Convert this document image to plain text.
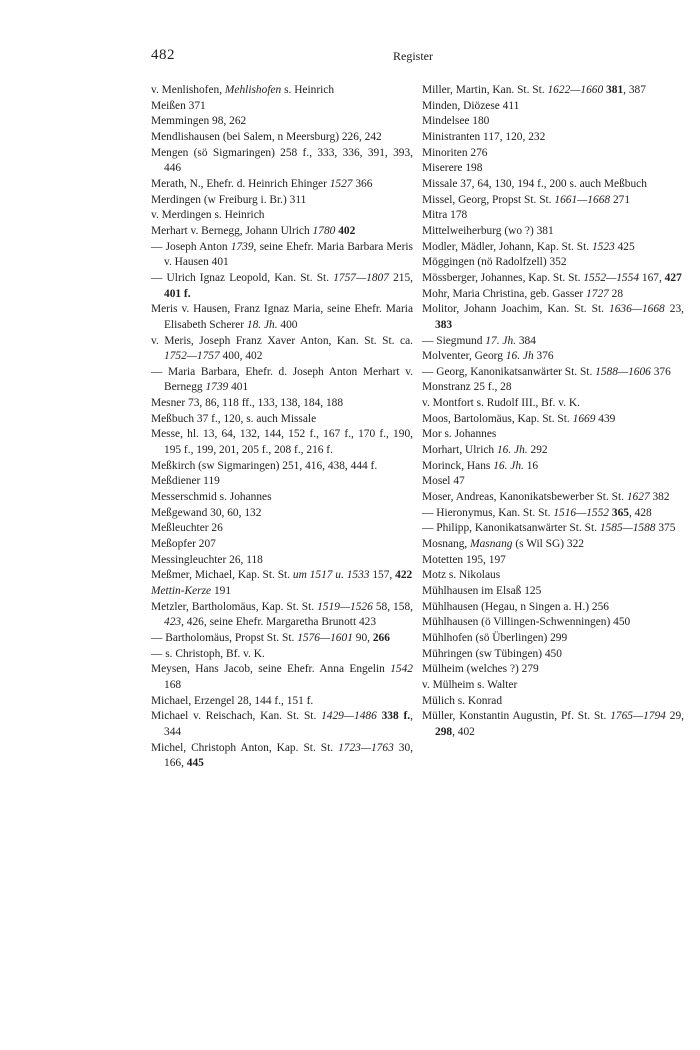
482	Register
v. Menlishofen, Mehlishofen s. Heinrich
Meißen 371
Memmingen 98, 262
Mendlishausen (bei Salem, n Meersburg) 226, 242
Mengen (sö Sigmaringen) 258 f., 333, 336, 391, 393, 446
Merath, N., Ehefr. d. Heinrich Ehinger 1527 366
Merdingen (w Freiburg i. Br.) 311
v. Merdingen s. Heinrich
Merhart v. Bernegg, Johann Ulrich 1780 402
— Joseph Anton 1739, seine Ehefr. Maria Barbara Meris v. Hausen 401
— Ulrich Ignaz Leopold, Kan. St. St. 1757—1807 215, 401 f.
Meris v. Hausen, Franz Ignaz Maria, seine Ehefr. Maria Elisabeth Scherer 18. Jh. 400
v. Meris, Joseph Franz Xaver Anton, Kan. St. St. ca. 1752—1757 400, 402
— Maria Barbara, Ehefr. d. Joseph Anton Merhart v. Bernegg 1739 401
Mesner 73, 86, 118 ff., 133, 138, 184, 188
Meßbuch 37 f., 120, s. auch Missale
Messe, hl. 13, 64, 132, 144, 152 f., 167 f., 170 f., 190, 195 f., 199, 201, 205 f., 208 f., 216 f.
Meßkirch (sw Sigmaringen) 251, 416, 438, 444 f.
Meßdiener 119
Messerschmid s. Johannes
Meßgewand 30, 60, 132
Meßleuchter 26
Meßopfer 207
Messingleuchter 26, 118
Meßmer, Michael, Kap. St. St. um 1517 u. 1533 157, 422
Mettin-Kerze 191
Metzler, Bartholomäus, Kap. St. St. 1519—1526 58, 158, 423, 426, seine Ehefr. Margaretha Brunott 423
— Bartholomäus, Propst St. St. 1576—1601 90, 266
— s. Christoph, Bf. v. K.
Meysen, Hans Jacob, seine Ehefr. Anna Engelin 1542 168
Michael, Erzengel 28, 144 f., 151 f.
Michael v. Reischach, Kan. St. St. 1429—1486 338 f., 344
Michel, Christoph Anton, Kap. St. St. 1723—1763 30, 166, 445
Miller, Martin, Kan. St. St. 1622—1660 381, 387
Minden, Diözese 411
Mindelsee 180
Ministranten 117, 120, 232
Minoriten 276
Miserere 198
Missale 37, 64, 130, 194 f., 200 s. auch Meßbuch
Missel, Georg, Propst St. St. 1661—1668 271
Mitra 178
Mittelweiherburg (wo ?) 381
Modler, Mädler, Johann, Kap. St. St. 1523 425
Möggingen (nö Radolfzell) 352
Mössberger, Johannes, Kap. St. St. 1552—1554 167, 427
Mohr, Maria Christina, geb. Gasser 1727 28
Molitor, Johann Joachim, Kan. St. St. 1636—1668 23, 383
— Siegmund 17. Jh. 384
Molventer, Georg 16. Jh 376
— Georg, Kanonikatsanwärter St. St. 1588—1606 376
Monstranz 25 f., 28
v. Montfort s. Rudolf III., Bf. v. K.
Moos, Bartolomäus, Kap. St. St. 1669 439
Mor s. Johannes
Morhart, Ulrich 16. Jh. 292
Morinck, Hans 16. Jh. 16
Mosel 47
Moser, Andreas, Kanonikatsbewerber St. St. 1627 382
— Hieronymus, Kan. St. St. 1516—1552 365, 428
— Philipp, Kanonikatsanwärter St. St. 1585—1588 375
Mosnang, Masnang (s Wil SG) 322
Motetten 195, 197
Motz s. Nikolaus
Mühlhausen im Elsaß 125
Mühlhausen (Hegau, n Singen a. H.) 256
Mühlhausen (ö Villingen-Schwenningen) 450
Mühlhofen (sö Überlingen) 299
Mühringen (sw Tübingen) 450
Mülheim (welches ?) 279
v. Mülheim s. Walter
Mülich s. Konrad
Müller, Konstantin Augustin, Pf. St. St. 1765—1794 29, 298, 402
